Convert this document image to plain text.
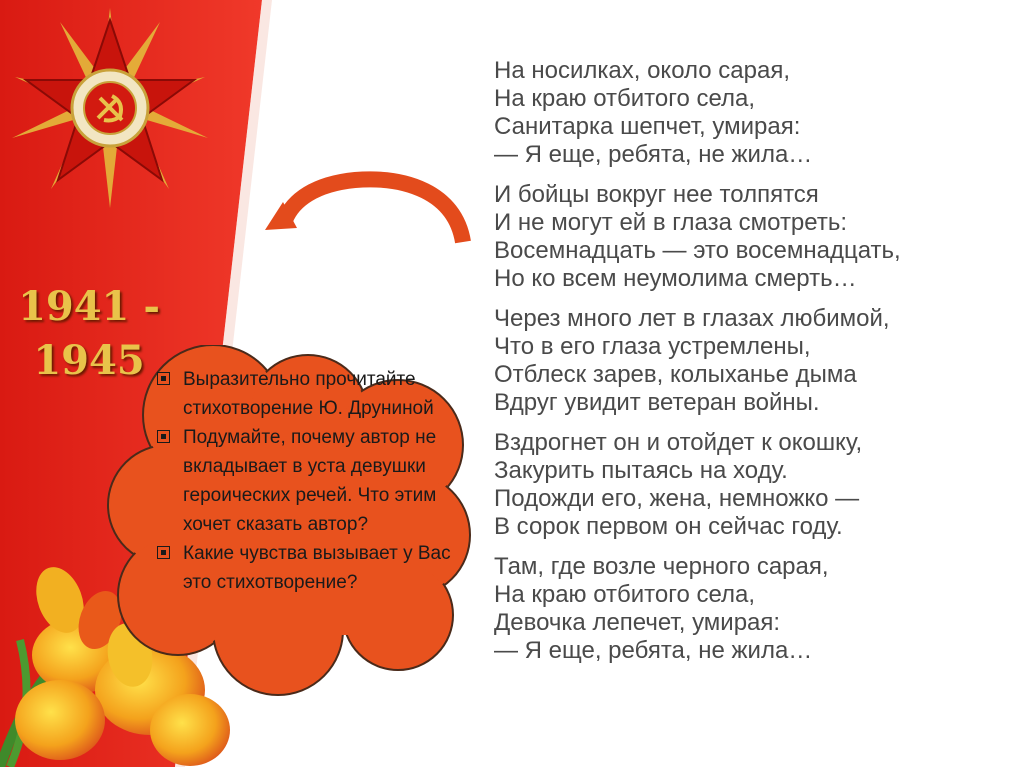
1941 -
1945	Выразительно прочитайте стихотворение Ю. Друниной
Подумайте, почему автор не вкладывает в уста девушки героических речей. Что этим хочет сказать автор?
Какие чувства вызывает у Вас это стихотворение?
На носилках, около сарая,
На краю отбитого села,
Санитарка шепчет, умирая:
— Я еще, ребята, не жила…
И бойцы вокруг нее толпятся
И не могут ей в глаза смотреть:
Восемнадцать — это восемнадцать,
Но ко всем неумолима смерть…
Через много лет в глазах любимой,
Что в его глаза устремлены,
Отблеск зарев, колыханье дыма
Вдруг увидит ветеран войны.
Вздрогнет он и отойдет к окошку,
Закурить пытаясь на ходу.
Подожди его, жена, немножко —
В сорок первом он сейчас году.
Там, где возле черного сарая,
На краю отбитого села,
Девочка лепечет, умирая:
— Я еще, ребята, не жила…
